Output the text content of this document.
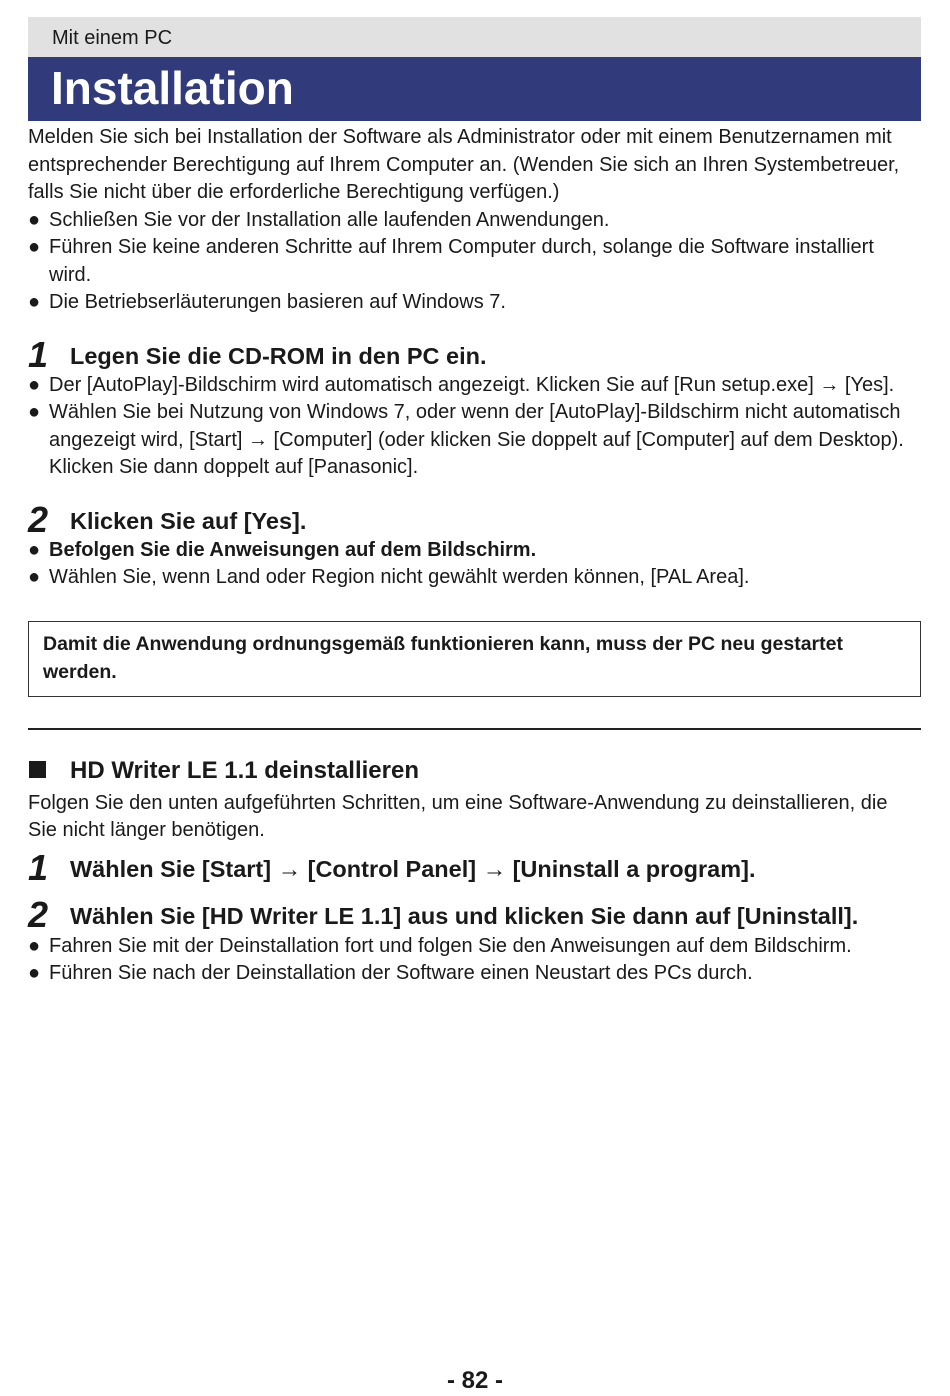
Mit einem PC
Installation

Melden Sie sich bei Installation der Software als Administrator oder mit einem Benutzernamen mit entsprechender Berechtigung auf Ihrem Computer an. (Wenden Sie sich an Ihren Systembetreuer, falls Sie nicht über die erforderliche Berechtigung verfügen.)

● Schließen Sie vor der Installation alle laufenden Anwendungen.
● Führen Sie keine anderen Schritte auf Ihrem Computer durch, solange die Software installiert wird.
● Die Betriebserläuterungen basieren auf Windows 7.
1 Legen Sie die CD-ROM in den PC ein.
● Der [AutoPlay]-Bildschirm wird automatisch angezeigt. Klicken Sie auf [Run setup.exe] → [Yes].
● Wählen Sie bei Nutzung von Windows 7, oder wenn der [AutoPlay]-Bildschirm nicht automatisch angezeigt wird, [Start] → [Computer] (oder klicken Sie doppelt auf [Computer] auf dem Desktop). Klicken Sie dann doppelt auf [Panasonic].
2 Klicken Sie auf [Yes].
● Befolgen Sie die Anweisungen auf dem Bildschirm.
● Wählen Sie, wenn Land oder Region nicht gewählt werden können, [PAL Area].
Damit die Anwendung ordnungsgemäß funktionieren kann, muss der PC neu gestartet werden.
HD Writer LE 1.1 deinstallieren

Folgen Sie den unten aufgeführten Schritten, um eine Software-Anwendung zu deinstallieren, die Sie nicht länger benötigen.

1 Wählen Sie [Start] → [Control Panel] → [Uninstall a program].
2 Wählen Sie [HD Writer LE 1.1] aus und klicken Sie dann auf [Uninstall].
● Fahren Sie mit der Deinstallation fort und folgen Sie den Anweisungen auf dem Bildschirm.
● Führen Sie nach der Deinstallation der Software einen Neustart des PCs durch.
- 82 -
